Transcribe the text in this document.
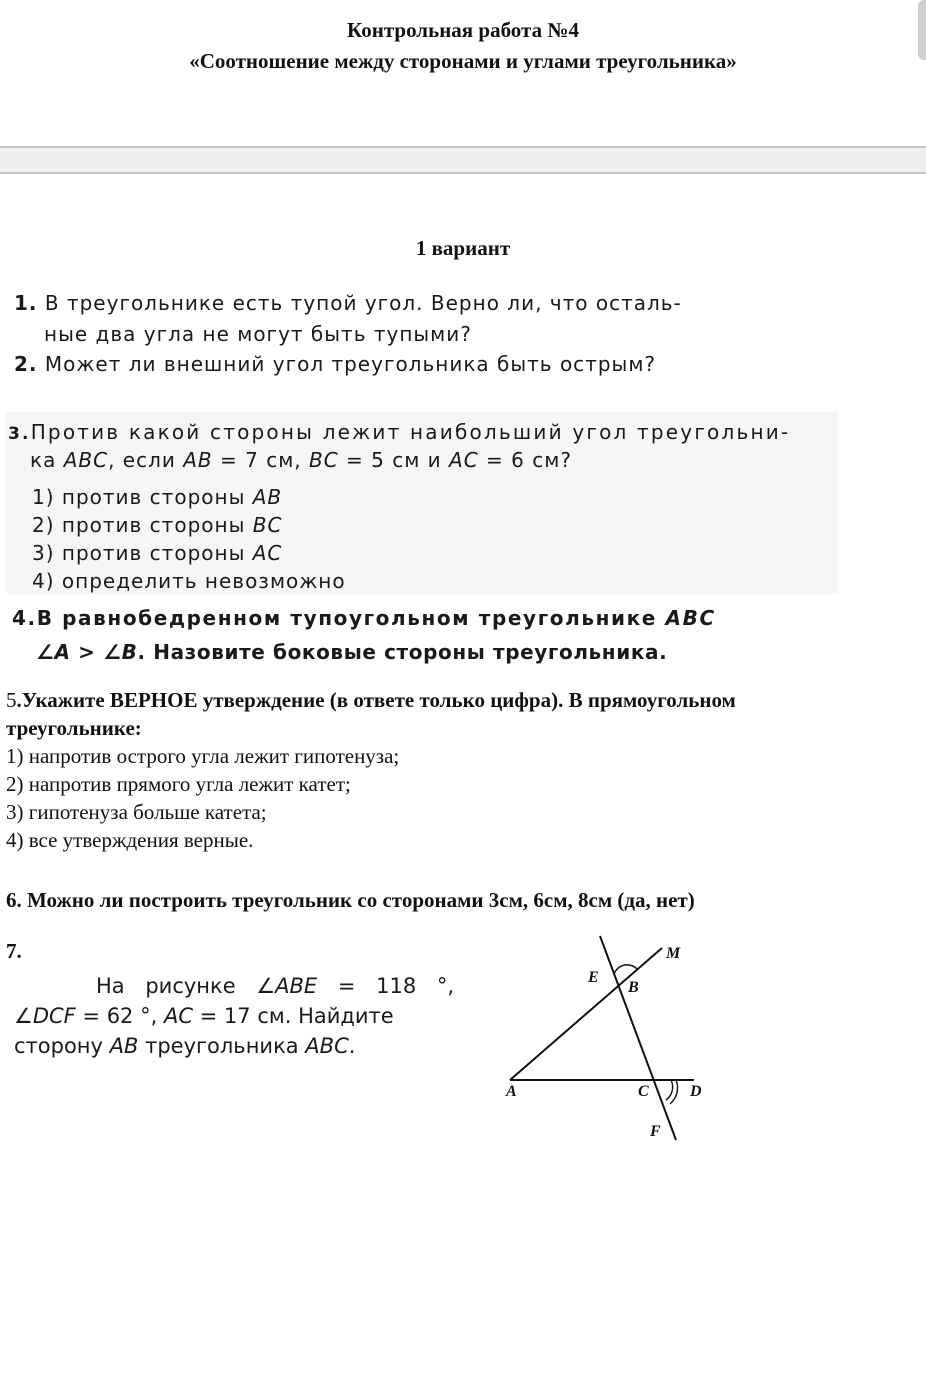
Контрольная работа №4
«Соотношение между сторонами и углами треугольника»
1 вариант
1. В треугольнике есть тупой угол. Верно ли, что осталь-
ные два угла не могут быть тупыми?
2. Может ли внешний угол треугольника быть острым?
3.Против какой стороны лежит наибольший угол треугольни-
ка ABC, если AB = 7 см, BC = 5 см и AC = 6 см?
1) против стороны AB
2) против стороны BC
3) против стороны AC
4) определить невозможно
4.В равнобедренном тупоугольном треугольнике ABC
∠A > ∠B. Назовите боковые стороны треугольника.
5.Укажите ВЕРНОЕ утверждение (в ответе только цифра). В прямоугольном
треугольнике:
1) напротив острого угла лежит гипотенуза;
2) напротив прямого угла лежит катет;
3) гипотенуза больше катета;
4) все утверждения верные.
6. Можно ли построить треугольник со сторонами 3см, 6см, 8см (да, нет)
7.
На рисунке ∠ABE = 118 °,
∠DCF = 62 °, AC = 17 см. Найдите
сторону AB треугольника ABC.
E
B
M
A	C	D
F
